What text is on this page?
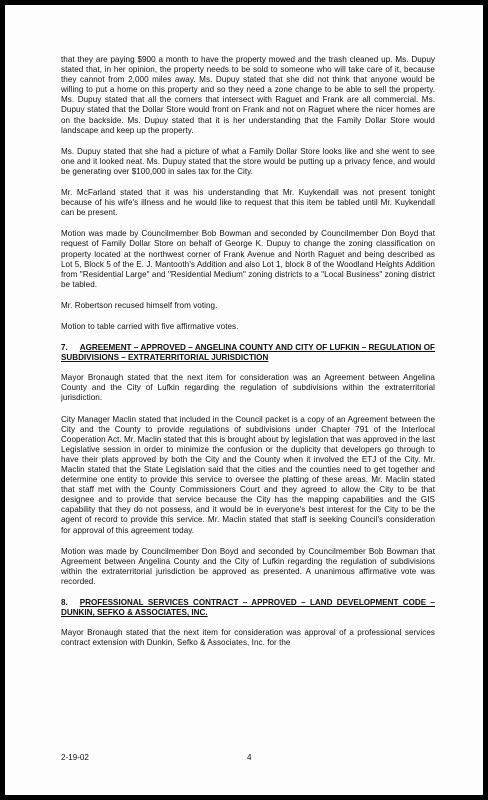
that they are paying $900 a month to have the property mowed and the trash cleaned up. Ms. Dupuy stated that, in her opinion, the property needs to be sold to someone who will take care of it, because they cannot from 2,000 miles away. Ms. Dupuy stated that she did not think that anyone would be willing to put a home on this property and so they need a zone change to be able to sell the property. Ms. Dupuy stated that all the corners that intersect with Raguet and Frank are all commercial. Ms. Dupuy stated that the Dollar Store would front on Frank and not on Raguet where the nicer homes are on the backside. Ms. Dupuy stated that it is her understanding that the Family Dollar Store would landscape and keep up the property.

Ms. Dupuy stated that she had a picture of what a Family Dollar Store looks like and she went to see one and it looked neat. Ms. Dupuy stated that the store would be putting up a privacy fence, and would be generating over $100,000 in sales tax for the City.

Mr. McFarland stated that it was his understanding that Mr. Kuykendall was not present tonight because of his wife's illness and he would like to request that this item be tabled until Mr. Kuykendall can be present.

Motion was made by Councilmember Bob Bowman and seconded by Councilmember Don Boyd that request of Family Dollar Store on behalf of George K. Dupuy to change the zoning classification on property located at the northwest corner of Frank Avenue and North Raguet and being described as Lot 5, Block 5 of the E. J. Mantooth's Addition and also Lot 1, block 8 of the Woodland Heights Addition from "Residential Large" and "Residential Medium" zoning districts to a "Local Business" zoning district be tabled.

Mr. Robertson recused himself from voting.

Motion to table carried with five affirmative votes.

7. AGREEMENT – APPROVED – ANGELINA COUNTY AND CITY OF LUFKIN – REGULATION OF SUBDIVISIONS – EXTRATERRITORIAL JURISDICTION

Mayor Bronaugh stated that the next item for consideration was an Agreement between Angelina County and the City of Lufkin regarding the regulation of subdivisions within the extraterritorial jurisdiction.

City Manager Maclin stated that included in the Council packet is a copy of an Agreement between the City and the County to provide regulations of subdivisions under Chapter 791 of the Interlocal Cooperation Act. Mr. Maclin stated that this is brought about by legislation that was approved in the last Legislative session in order to minimize the confusion or the duplicity that developers go through to have their plats approved by both the City and the County when it involved the ETJ of the City. Mr. Maclin stated that the State Legislation said that the cities and the counties need to get together and determine one entity to provide this service to oversee the platting of these areas. Mr. Maclin stated that staff met with the County Commissioners Court and they agreed to allow the City to be that designee and to provide that service because the City has the mapping capabilities and the GIS capability that they do not possess, and it would be in everyone's best interest for the City to be the agent of record to provide this service. Mr. Maclin stated that staff is seeking Council's consideration for approval of this agreement today.

Motion was made by Councilmember Don Boyd and seconded by Councilmember Bob Bowman that Agreement between Angelina County and the City of Lufkin regarding the regulation of subdivisions within the extraterritorial jurisdiction be approved as presented. A unanimous affirmative vote was recorded.

8. PROFESSIONAL SERVICES CONTRACT – APPROVED – LAND DEVELOPMENT CODE – DUNKIN, SEFKO & ASSOCIATES, INC.

Mayor Bronaugh stated that the next item for consideration was approval of a professional services contract extension with Dunkin, Sefko & Associates, Inc. for the

2-19-02	4
